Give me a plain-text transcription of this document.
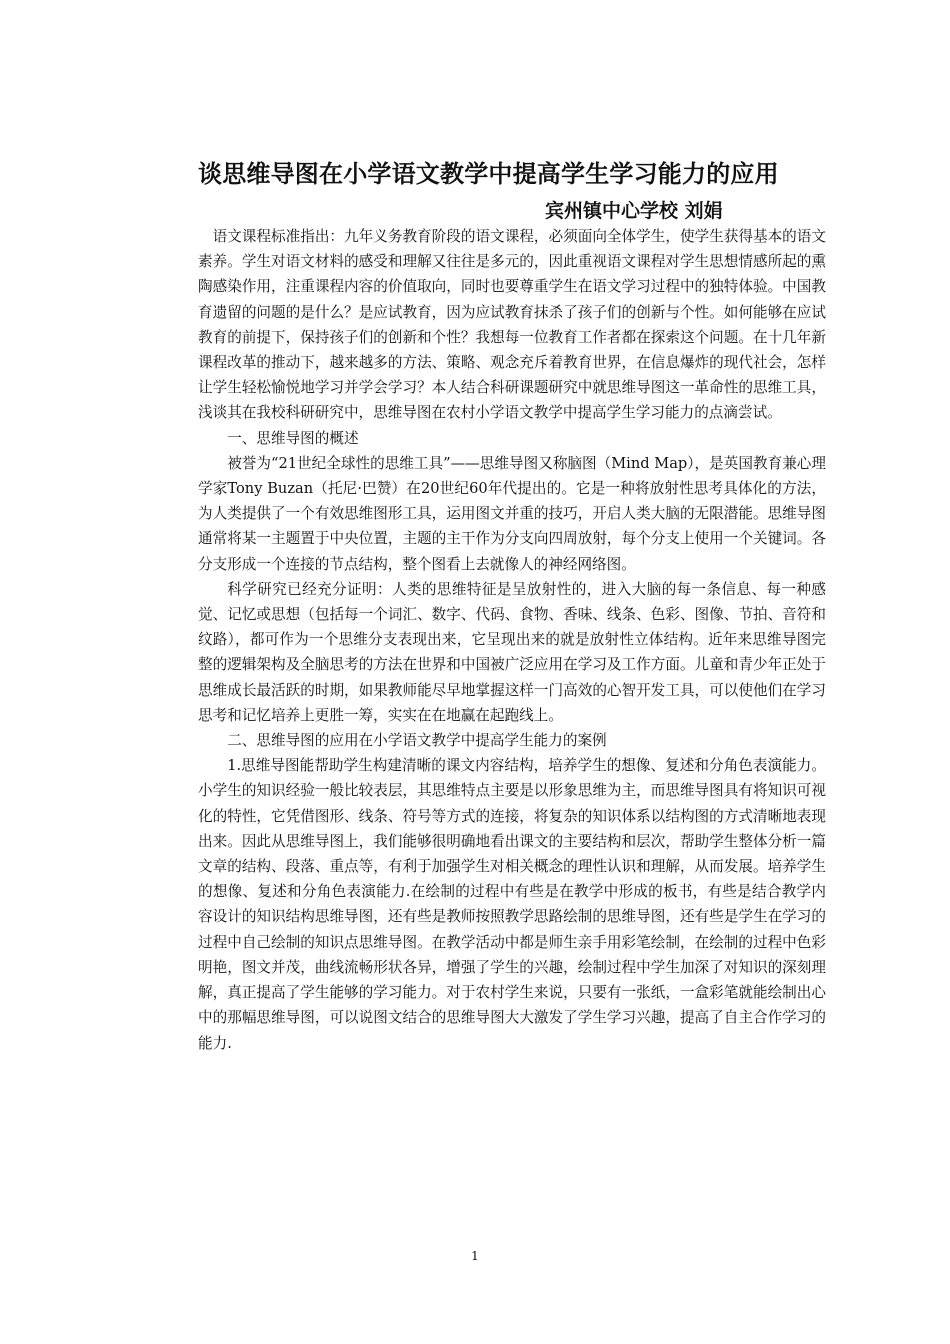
谈思维导图在小学语文教学中提高学生学习能力的应用
宾州镇中心学校 刘娟

语文课程标准指出：九年义务教育阶段的语文课程，必须面向全体学生，使学生获得基本的语文素养。学生对语文材料的感受和理解又往往是多元的，因此重视语文课程对学生思想情感所起的熏陶感染作用，注重课程内容的价值取向，同时也要尊重学生在语文学习过程中的独特体验。中国教育遗留的问题的是什么？是应试教育，因为应试教育抹杀了孩子们的创新与个性。如何能够在应试教育的前提下，保持孩子们的创新和个性？我想每一位教育工作者都在探索这个问题。在十几年新课程改革的推动下，越来越多的方法、策略、观念充斥着教育世界，在信息爆炸的现代社会，怎样让学生轻松愉悦地学习并学会学习？本人结合科研课题研究中就思维导图这一革命性的思维工具，浅谈其在我校科研研究中，思维导图在农村小学语文教学中提高学生学习能力的点滴尝试。

一、思维导图的概述

被誉为“21世纪全球性的思维工具”——思维导图又称脑图（Mind Map），是英国教育兼心理学家Tony Buzan（托尼·巴赞）在20世纪60年代提出的。它是一种将放射性思考具体化的方法，为人类提供了一个有效思维图形工具，运用图文并重的技巧，开启人类大脑的无限潜能。思维导图通常将某一主题置于中央位置，主题的主干作为分支向四周放射，每个分支上使用一个关键词。各分支形成一个连接的节点结构，整个图看上去就像人的神经网络图。

科学研究已经充分证明：人类的思维特征是呈放射性的，进入大脑的每一条信息、每一种感觉、记忆或思想（包括每一个词汇、数字、代码、食物、香味、线条、色彩、图像、节拍、音符和纹路），都可作为一个思维分支表现出来，它呈现出来的就是放射性立体结构。近年来思维导图完整的逻辑架构及全脑思考的方法在世界和中国被广泛应用在学习及工作方面。儿童和青少年正处于思维成长最活跃的时期，如果教师能尽早地掌握这样一门高效的心智开发工具，可以使他们在学习思考和记忆培养上更胜一筹，实实在在地赢在起跑线上。

二、思维导图的应用在小学语文教学中提高学生能力的案例

1.思维导图能帮助学生构建清晰的课文内容结构，培养学生的想像、复述和分角色表演能力。小学生的知识经验一般比较表层，其思维特点主要是以形象思维为主，而思维导图具有将知识可视化的特性，它凭借图形、线条、符号等方式的连接，将复杂的知识体系以结构图的方式清晰地表现出来。因此从思维导图上，我们能够很明确地看出课文的主要结构和层次，帮助学生整体分析一篇文章的结构、段落、重点等，有利于加强学生对相关概念的理性认识和理解，从而发展。培养学生的想像、复述和分角色表演能力.在绘制的过程中有些是在教学中形成的板书，有些是结合教学内容设计的知识结构思维导图，还有些是教师按照教学思路绘制的思维导图，还有些是学生在学习的过程中自己绘制的知识点思维导图。在教学活动中都是师生亲手用彩笔绘制，在绘制的过程中色彩明艳，图文并茂，曲线流畅形状各异，增强了学生的兴趣，绘制过程中学生加深了对知识的深刻理解，真正提高了学生能够的学习能力。对于农村学生来说，只要有一张纸，一盒彩笔就能绘制出心中的那幅思维导图，可以说图文结合的思维导图大大激发了学生学习兴趣，提高了自主合作学习的能力.

1
